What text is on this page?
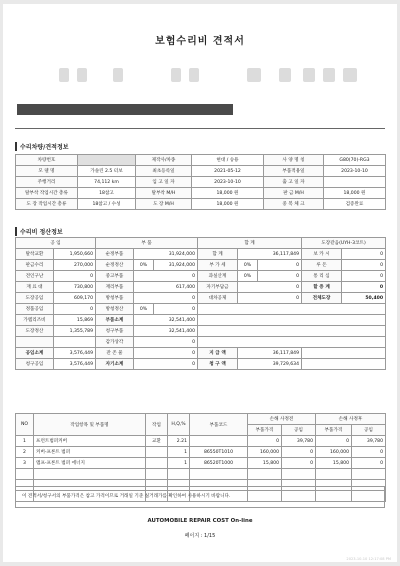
보험수리비 견적서
수리차량/견적정보
차량번호		제작사/차종	현대 / 승용	사 양 명 칭	G80(70)-RG3
모 델 명	가솔린 2.5 터보	최초등록일	2021-05-12	부품적용일	2023-10-10
주행거리	74,112 km	입 고 일 자	2023-10-10	출 고 일 자	
탈부착 작업시간 총류	18참고	탈부착 M/H	18,000 원	판 금 M/H	18,000 원
도 장 작업시간 총류	18참고 / 수성	도 장 M/H	18,000 원	중 복 체 크	검증완료
수리비 정산정보
공 임		부 품			합 계			도장같음(UYH-3코트)	
탈착교환	1,950,660	순정부품	31,924,000		합 계	36,117,849		보 카 시	0
판금수리	270,000	순정정산	0%	31,924,000	부 가 세	0%	0	루 돈	0
견인구난	0	중고부품	0		과실산계	0%	0	통 리 심	0
재 료 대	730,800	재리부품	617,400		자기부담금	0		할 증 계	0
도장공임	609,170	방청부품	0		대차공제	0		전체도장	50,400
정품공임	0	방청정산	0%	0					
가멤리즈비	15,869	부품소계	32,541,400						
도장정산	1,355,789	청구부품	32,541,400						
		감가상각	0						
공임소계	3,576,449	잔 존 물	0		지 급 액	36,117,849			
청구공임	3,576,449	자기소계	0		청 구 액	39,729,634			
NO	작업항목 및 부품명	작업	H,Q,%	부품코드	손해 사정전		손해 사정후	
					부품가격	공임	부품가격	공임
1	프런트범퍼커버	교환	2.21		0	39,780	0	39,780
2	커버-프론트 범퍼		1	86550T1010	160,000	0	160,000	0
3	앰프-프론트 범퍼 에너지		1	86520T1000	15,800	0	15,800	0

이 견적서/청구서의 부품가격은 참고 가격이므로 거래일 기준 실거래가를 확인하여 사용하시기 바랍니다.
AUTOMOBILE REPAIR COST On-line
페이지 : 1/15
2023-10-10 12:17:08 PM
